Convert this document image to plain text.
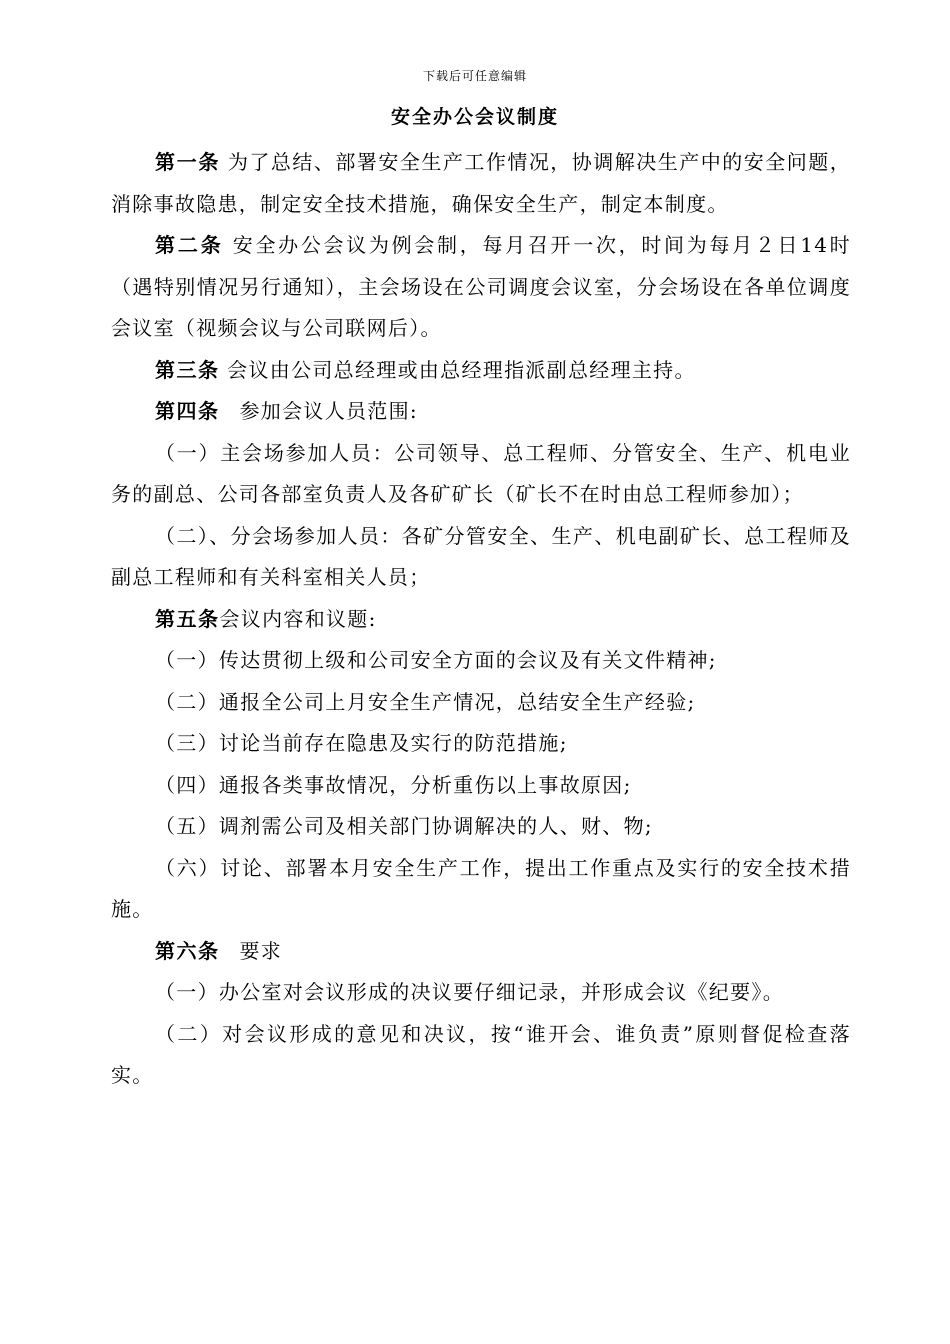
下载后可任意编辑
安全办公会议制度

第一条 为了总结、部署安全生产工作情况，协调解决生产中的安全问题，消除事故隐患，制定安全技术措施，确保安全生产，制定本制度。

第二条 安全办公会议为例会制，每月召开一次，时间为每月２日14时（遇特别情况另行通知），主会场设在公司调度会议室，分会场设在各单位调度会议室（视频会议与公司联网后）。

第三条 会议由公司总经理或由总经理指派副总经理主持。

第四条 参加会议人员范围:

（一）主会场参加人员：公司领导、总工程师、分管安全、生产、机电业务的副总、公司各部室负责人及各矿矿长（矿长不在时由总工程师参加）；

（二）、分会场参加人员：各矿分管安全、生产、机电副矿长、总工程师及副总工程师和有关科室相关人员；

第五条会议内容和议题:

（一）传达贯彻上级和公司安全方面的会议及有关文件精神;

（二）通报全公司上月安全生产情况，总结安全生产经验;

（三）讨论当前存在隐患及实行的防范措施;

（四）通报各类事故情况，分析重伤以上事故原因;

（五）调剂需公司及相关部门协调解决的人、财、物;

（六）讨论、部署本月安全生产工作，提出工作重点及实行的安全技术措施。

第六条 要求

（一）办公室对会议形成的决议要仔细记录，并形成会议《纪要》。

（二）对会议形成的意见和决议，按“谁开会、谁负责”原则督促检查落实。
